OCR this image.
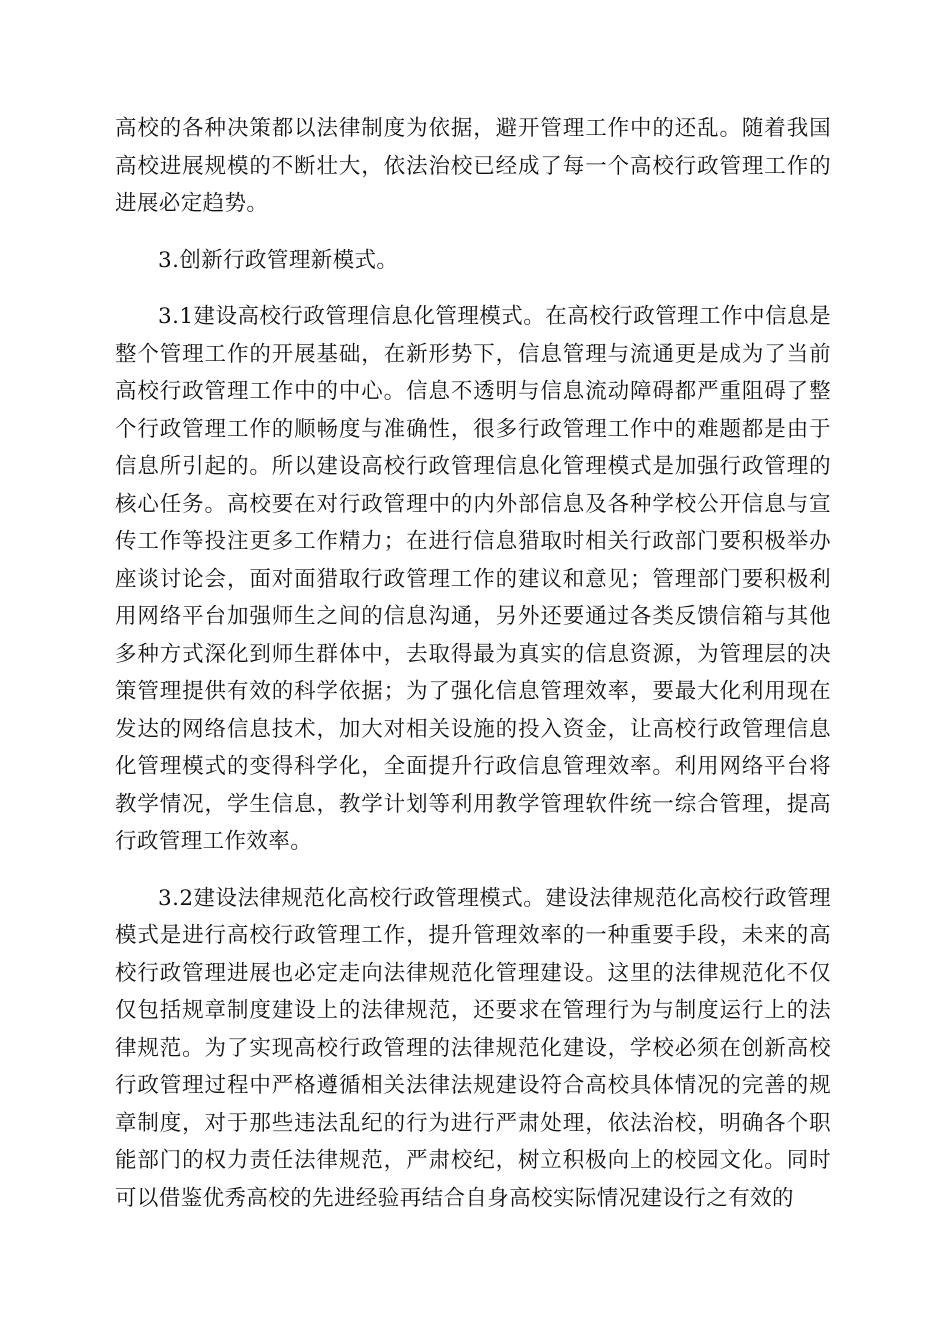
高校的各种决策都以法律制度为依据，避开管理工作中的还乱。随着我国高校进展规模的不断壮大，依法治校已经成了每一个高校行政管理工作的进展必定趋势。

3.创新行政管理新模式。

3.1建设高校行政管理信息化管理模式。在高校行政管理工作中信息是整个管理工作的开展基础，在新形势下，信息管理与流通更是成为了当前高校行政管理工作中的中心。信息不透明与信息流动障碍都严重阻碍了整个行政管理工作的顺畅度与准确性，很多行政管理工作中的难题都是由于信息所引起的。所以建设高校行政管理信息化管理模式是加强行政管理的核心任务。高校要在对行政管理中的内外部信息及各种学校公开信息与宣传工作等投注更多工作精力；在进行信息猎取时相关行政部门要积极举办座谈讨论会，面对面猎取行政管理工作的建议和意见；管理部门要积极利用网络平台加强师生之间的信息沟通，另外还要通过各类反馈信箱与其他多种方式深化到师生群体中，去取得最为真实的信息资源，为管理层的决策管理提供有效的科学依据；为了强化信息管理效率，要最大化利用现在发达的网络信息技术，加大对相关设施的投入资金，让高校行政管理信息化管理模式的变得科学化，全面提升行政信息管理效率。利用网络平台将教学情况，学生信息，教学计划等利用教学管理软件统一综合管理，提高行政管理工作效率。

3.2建设法律规范化高校行政管理模式。建设法律规范化高校行政管理模式是进行高校行政管理工作，提升管理效率的一种重要手段，未来的高校行政管理进展也必定走向法律规范化管理建设。这里的法律规范化不仅仅包括规章制度建设上的法律规范，还要求在管理行为与制度运行上的法律规范。为了实现高校行政管理的法律规范化建设，学校必须在创新高校行政管理过程中严格遵循相关法律法规建设符合高校具体情况的完善的规章制度，对于那些违法乱纪的行为进行严肃处理，依法治校，明确各个职能部门的权力责任法律规范，严肃校纪，树立积极向上的校园文化。同时可以借鉴优秀高校的先进经验再结合自身高校实际情况建设行之有效的
